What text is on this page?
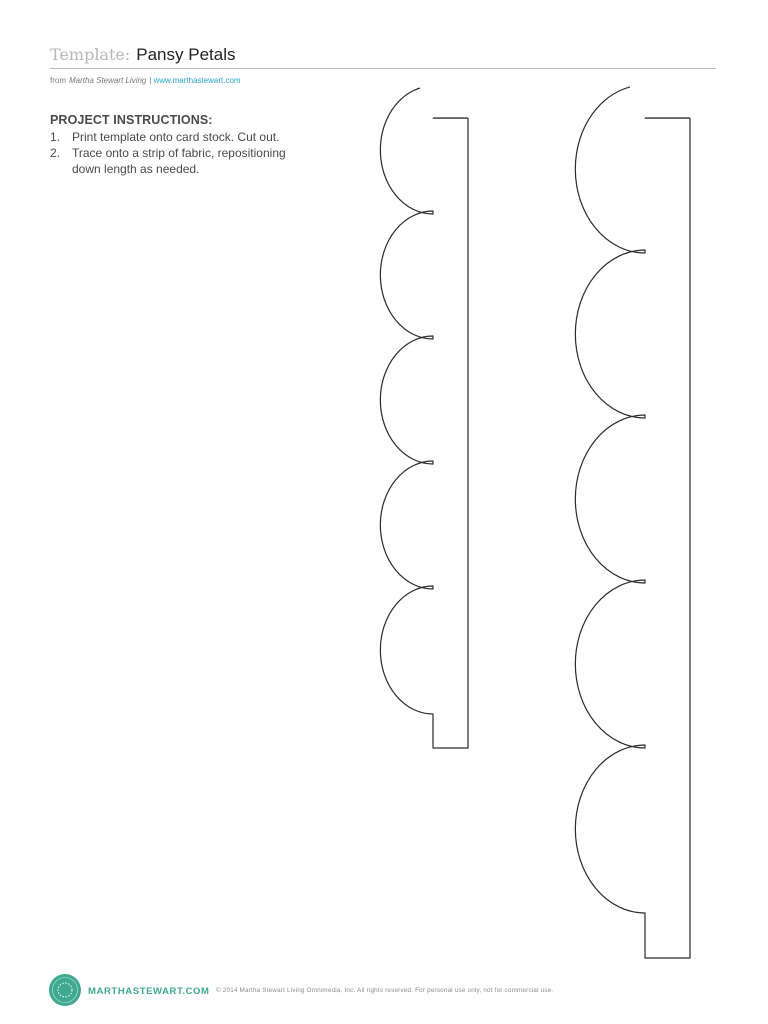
Template: Pansy Petals
from Martha Stewart Living | www.marthastewart.com
PROJECT INSTRUCTIONS:
1. Print template onto card stock. Cut out.
2. Trace onto a strip of fabric, repositioning down length as needed.
MARTHASTEWART.COM © 2014 Martha Stewart Living Omnimedia, Inc. All rights reserved. For personal use only, not for commercial use.
